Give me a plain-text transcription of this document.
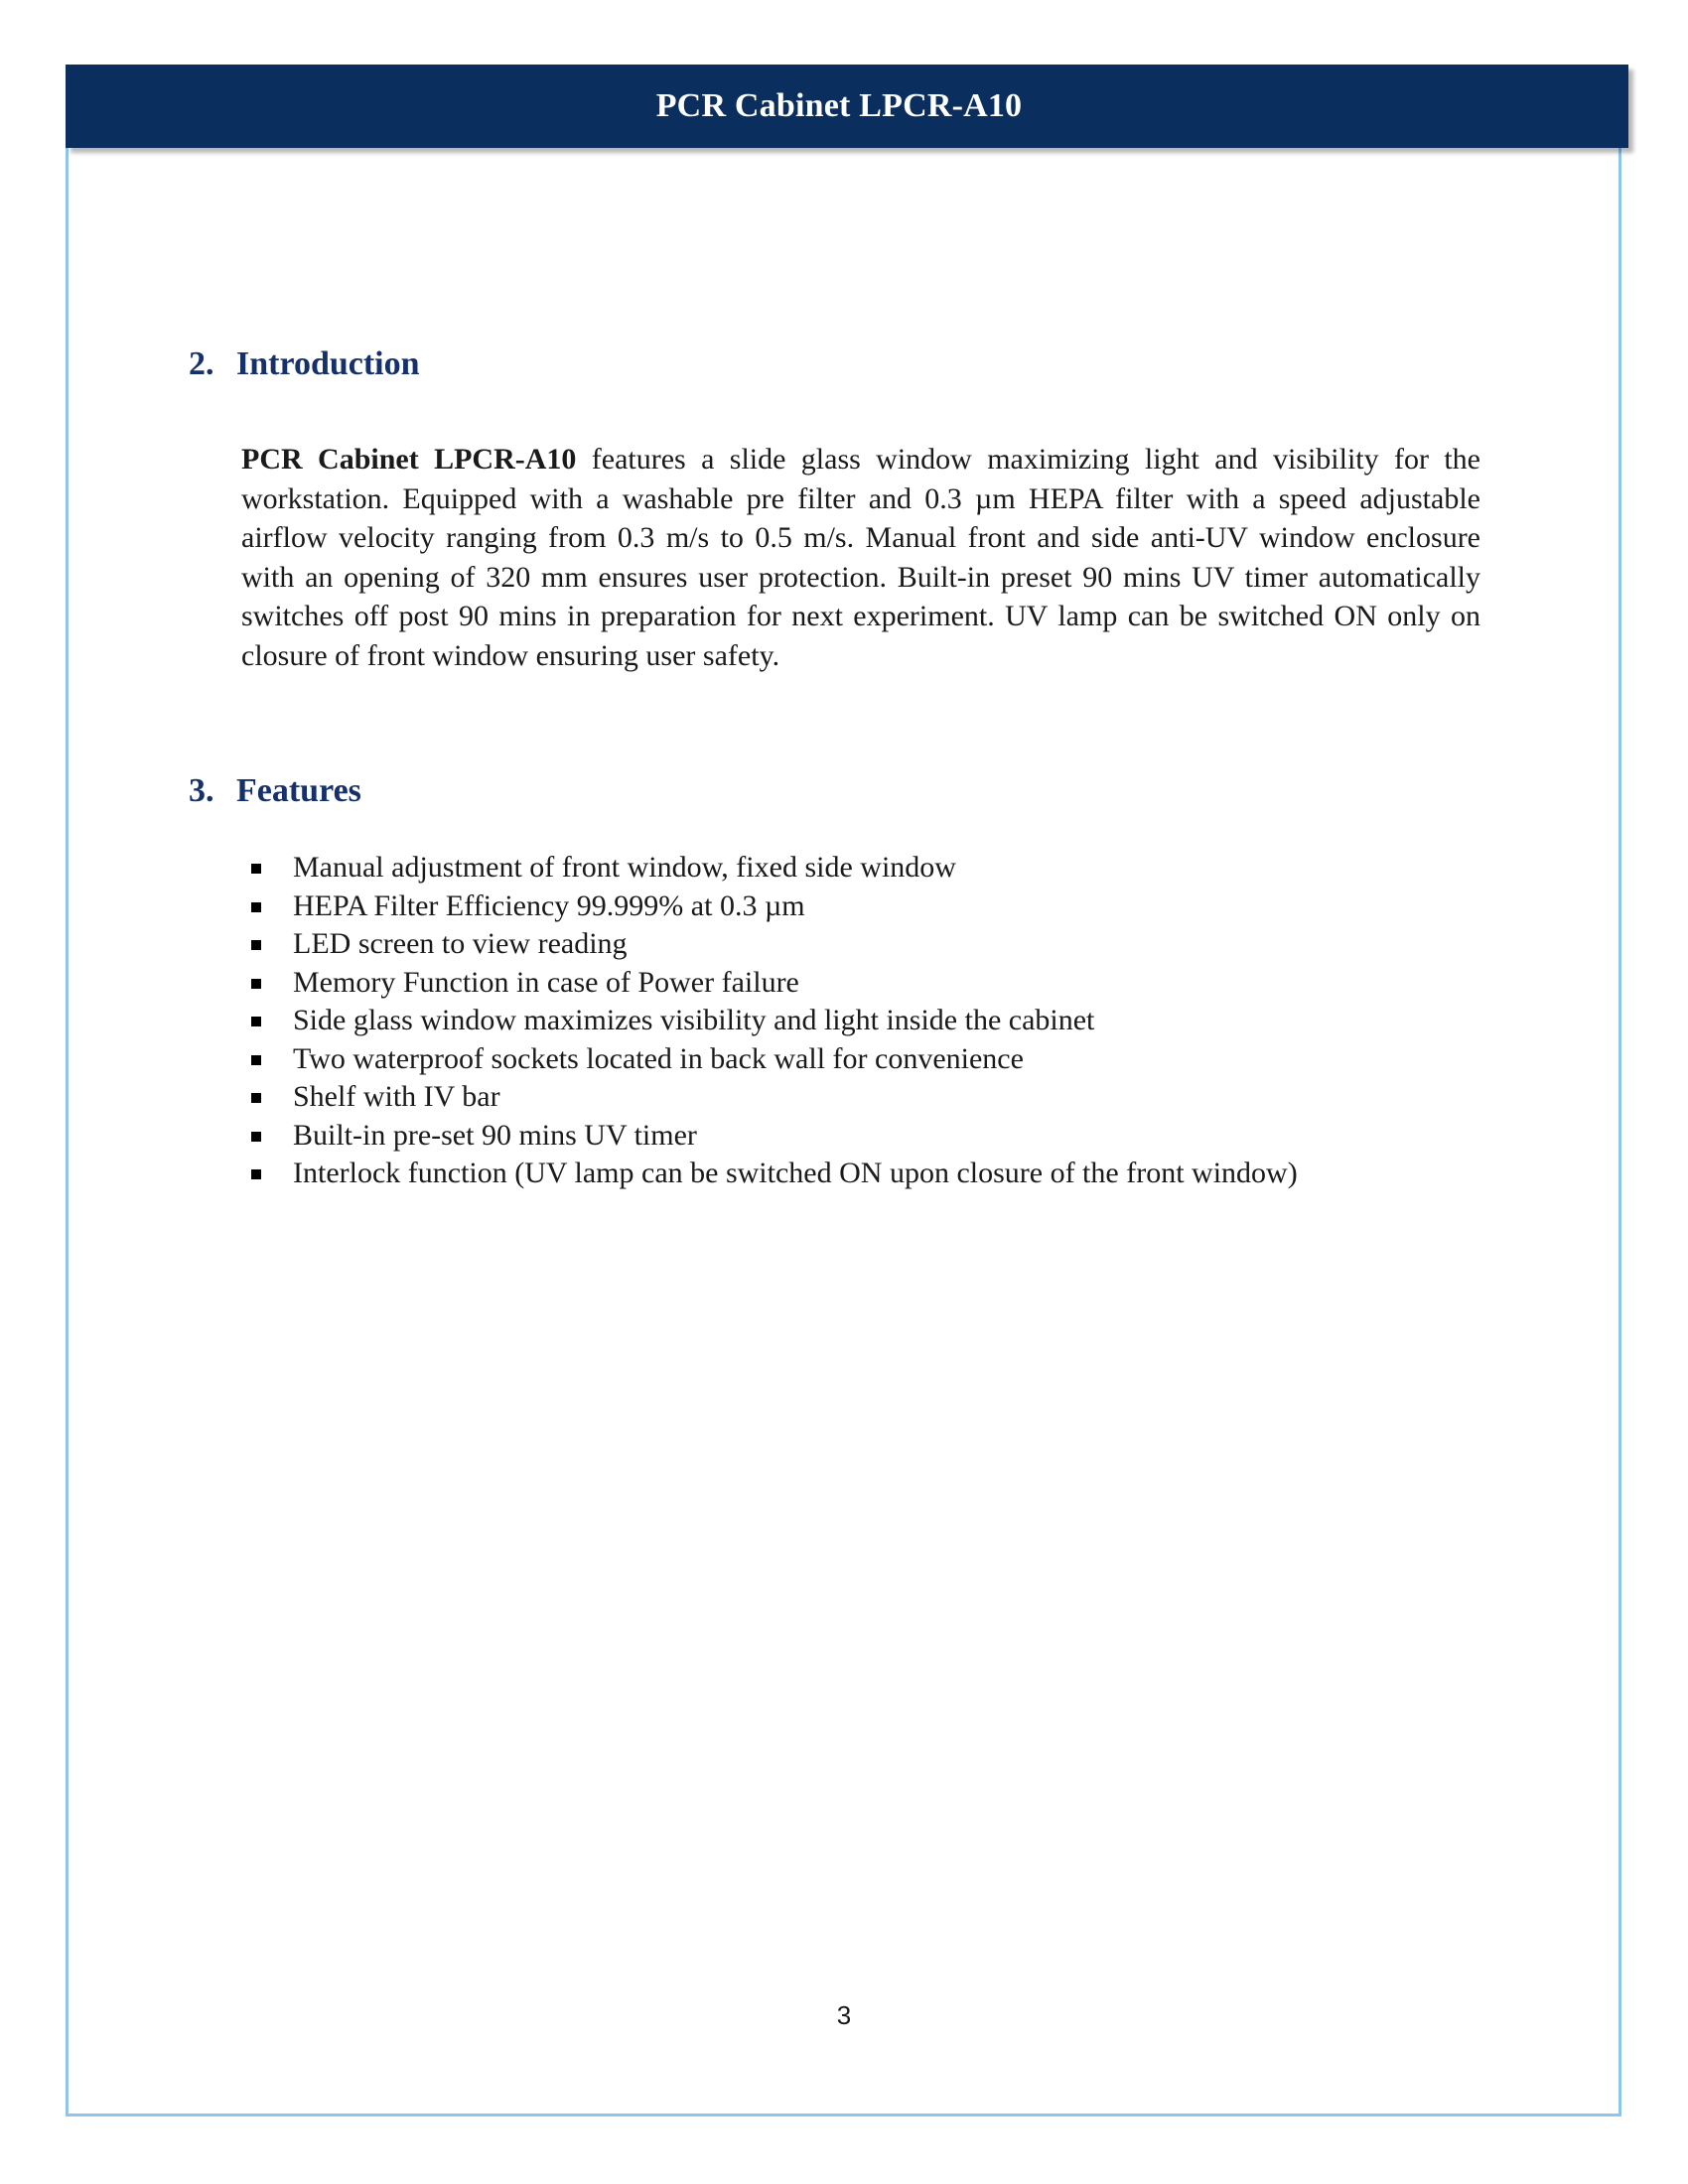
PCR Cabinet LPCR-A10
2. Introduction

PCR Cabinet LPCR-A10 features a slide glass window maximizing light and visibility for the workstation. Equipped with a washable pre filter and 0.3 µm HEPA filter with a speed adjustable airflow velocity ranging from 0.3 m/s to 0.5 m/s. Manual front and side anti-UV window enclosure with an opening of 320 mm ensures user protection. Built-in preset 90 mins UV timer automatically switches off post 90 mins in preparation for next experiment. UV lamp can be switched ON only on closure of front window ensuring user safety.

3. Features
Manual adjustment of front window, fixed side window
HEPA Filter Efficiency 99.999% at 0.3 µm
LED screen to view reading
Memory Function in case of Power failure
Side glass window maximizes visibility and light inside the cabinet
Two waterproof sockets located in back wall for convenience
Shelf with IV bar
Built-in pre-set 90 mins UV timer
Interlock function (UV lamp can be switched ON upon closure of the front window)
3
